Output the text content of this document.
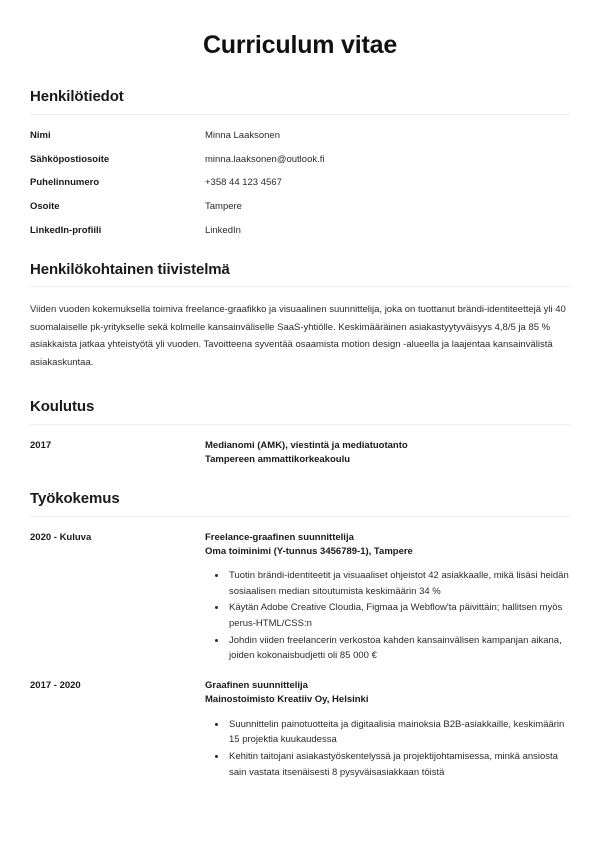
Curriculum vitae
Henkilötiedot
Nimi	Minna Laaksonen
Sähköpostiosoite	minna.laaksonen@outlook.fi
Puhelinnumero	+358 44 123 4567
Osoite	Tampere
LinkedIn-profiili	LinkedIn
Henkilökohtainen tiivistelmä

Viiden vuoden kokemuksella toimiva freelance-graafikko ja visuaalinen suunnittelija, joka on tuottanut brändi-identiteettejä yli 40 suomalaiselle pk-yritykselle sekä kolmelle kansainväliselle SaaS-yhtiölle. Keskimääräinen asiakastyytyväisyys 4,8/5 ja 85 % asiakkaista jatkaa yhteistyötä yli vuoden. Tavoitteena syventää osaamista motion design -alueella ja laajentaa kansainvälistä asiakaskuntaa.

Koulutus
2017	Medianomi (AMK), viestintä ja mediatuotanto
Tampereen ammattikorkeakoulu
Työkokemus
2020 - Kuluva	Freelance-graafinen suunnittelija
Oma toiminimi (Y-tunnus 3456789-1), Tampere
• Tuotin brändi-identiteetit ja visuaaliset ohjeistot 42 asiakkaalle, mikä lisäsi heidän sosiaalisen median sitoutumista keskimäärin 34 %
• Käytän Adobe Creative Cloudia, Figmaa ja Webflow'ta päivittäin; hallitsen myös perus-HTML/CSS:n
• Johdin viiden freelancerin verkostoa kahden kansainvälisen kampanjan aikana, joiden kokonaisbudjetti oli 85 000 €
2017 - 2020	Graafinen suunnittelija
Mainostoimisto Kreatiiv Oy, Helsinki
• Suunnittelin painotuotteita ja digitaalisia mainoksia B2B-asiakkaille, keskimäärin 15 projektia kuukaudessa
• Kehitin taitojani asiakastyöskentelyssä ja projektijohtamisessa, minkä ansiosta sain vastata itsenäisesti 8 pysyväisasiakkaan töistä
